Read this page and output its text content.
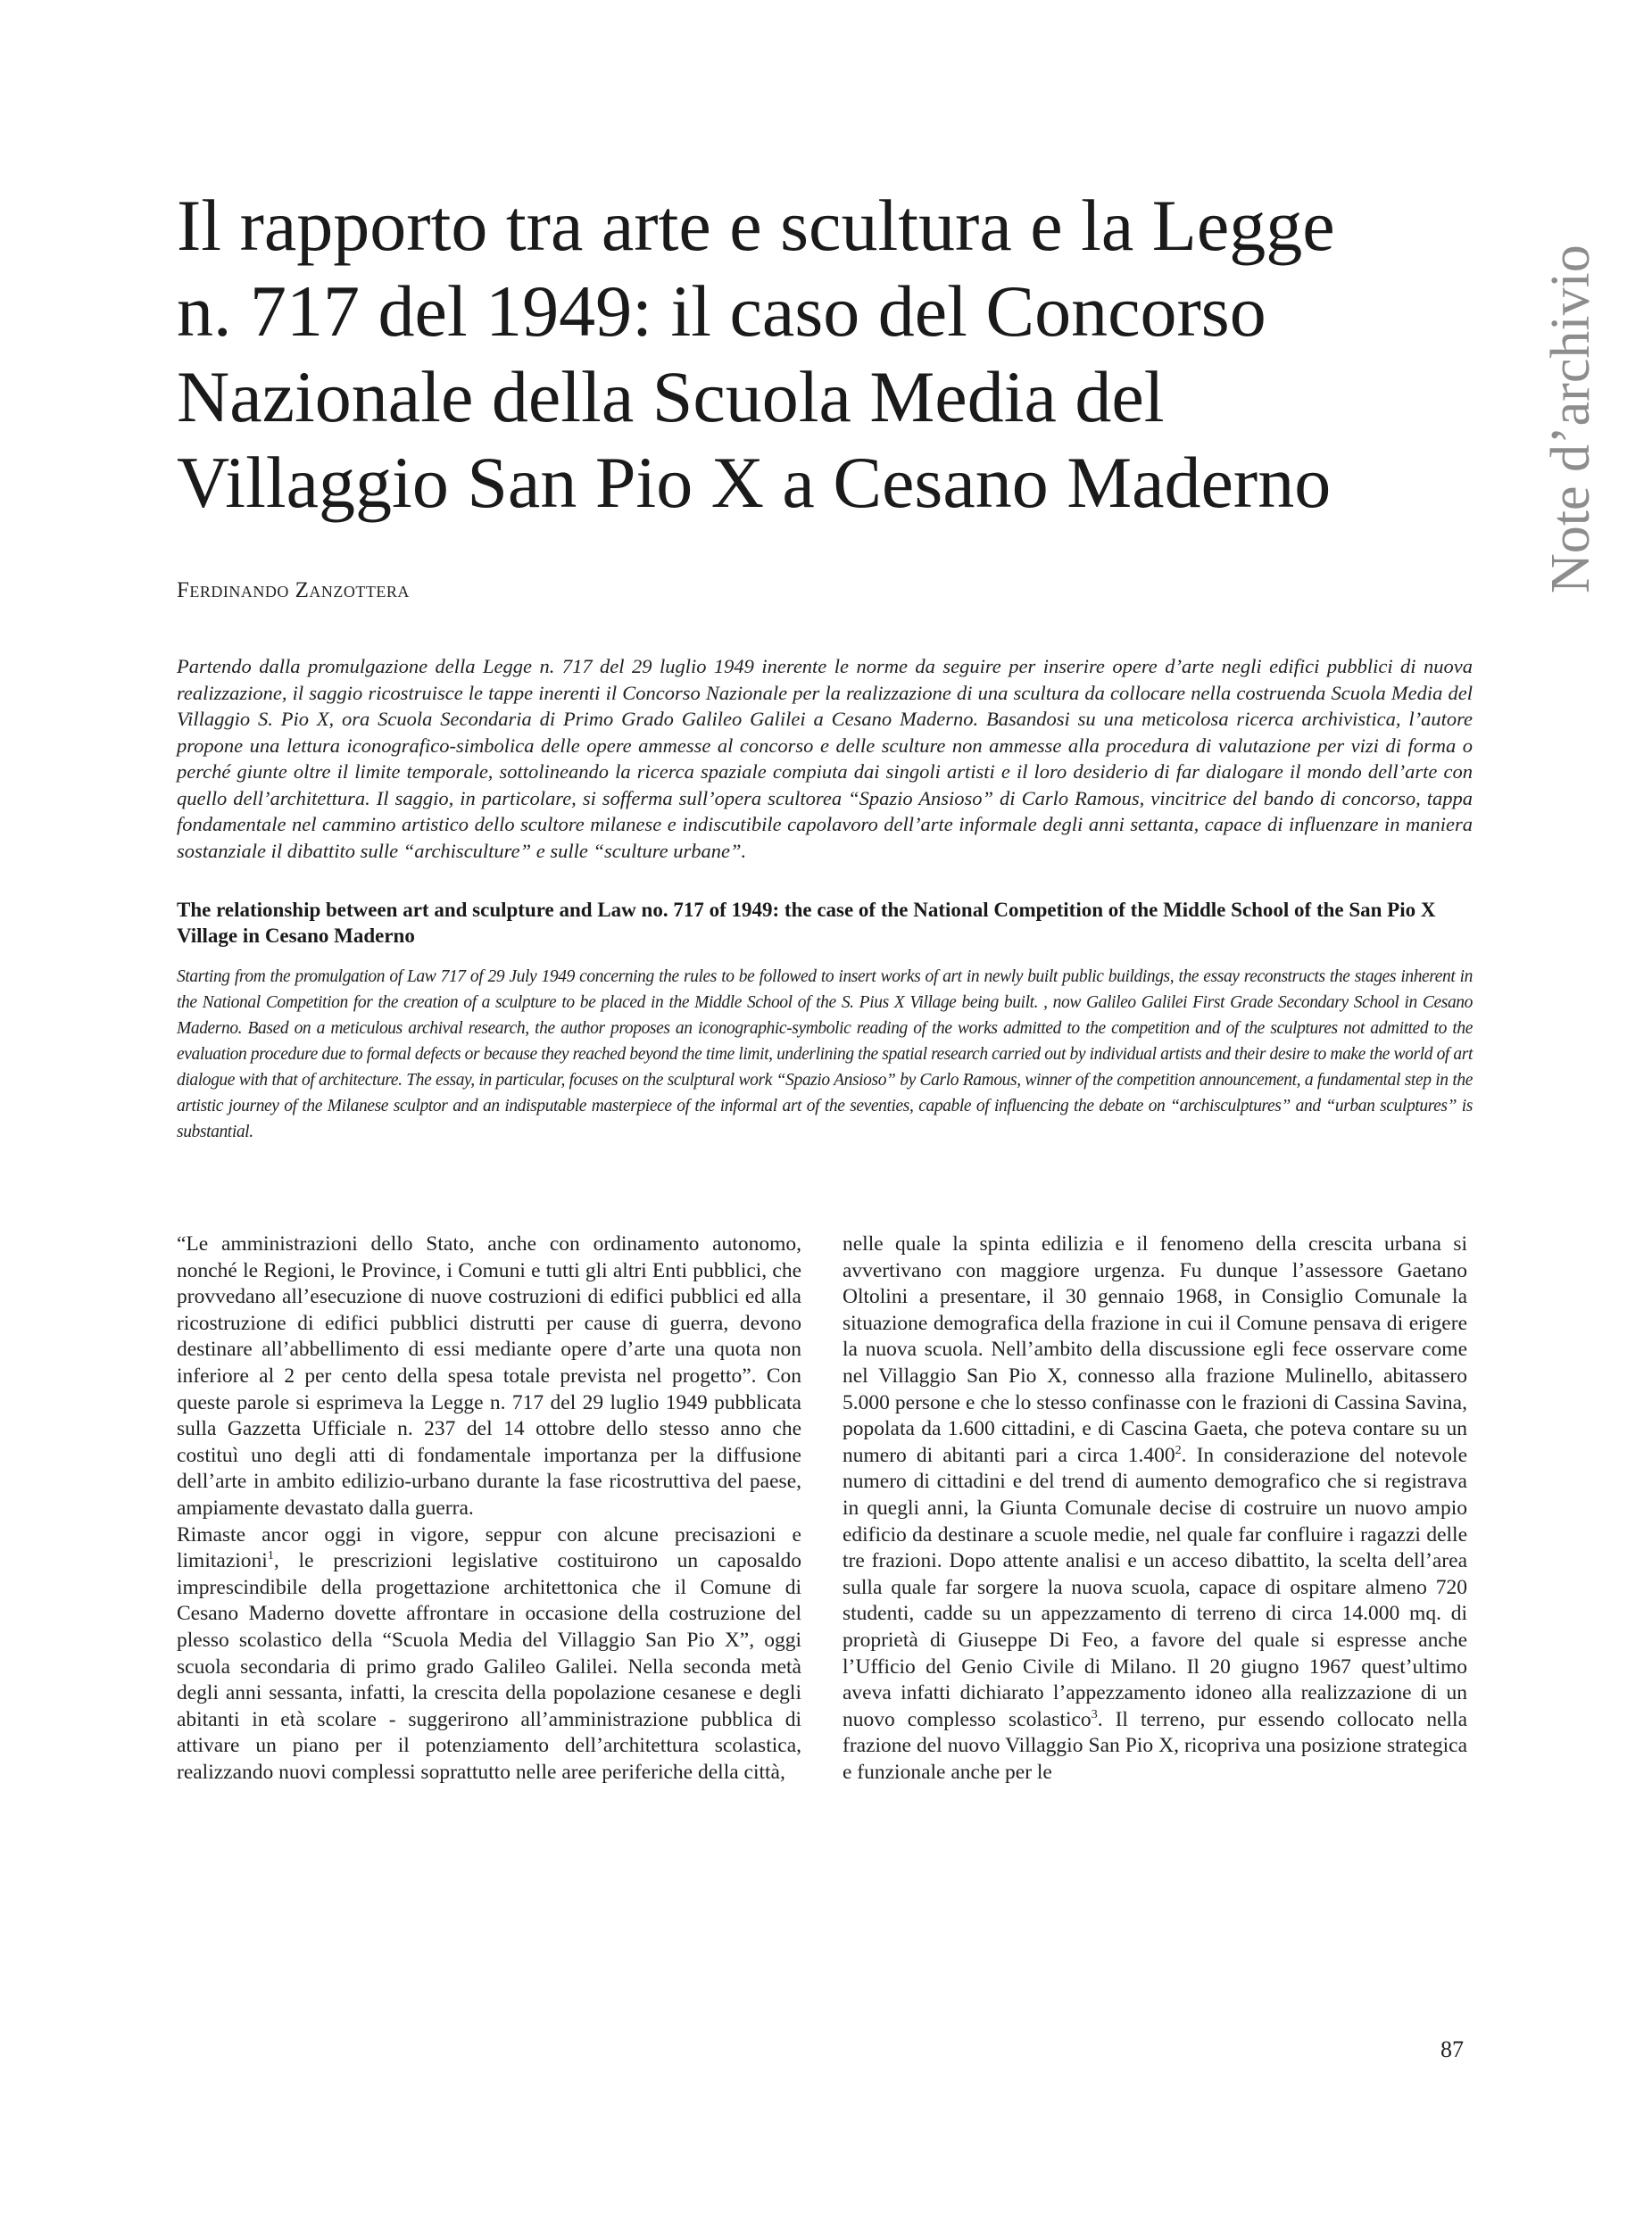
Il rapporto tra arte e scultura e la Legge
n. 717 del 1949: il caso del Concorso
Nazionale della Scuola Media del
Villaggio San Pio X a Cesano Maderno	Note d’archivio

Ferdinando Zanzottera

Partendo dalla promulgazione della Legge n. 717 del 29 luglio 1949 inerente le norme da seguire per inserire opere d’arte negli edifici pubblici di nuova realizzazione, il saggio ricostruisce le tappe inerenti il Concorso Nazionale per la realizzazione di una scultura da collocare nella costruenda Scuola Media del Villaggio S. Pio X, ora Scuola Secondaria di Primo Grado Galileo Galilei a Cesano Maderno. Basandosi su una meticolosa ricerca archivistica, l’autore propone una lettura iconografico-simbolica delle opere ammesse al concorso e delle sculture non ammesse alla procedura di valutazione per vizi di forma o perché giunte oltre il limite temporale, sottolineando la ricerca spaziale compiuta dai singoli artisti e il loro desiderio di far dialogare il mondo dell’arte con quello dell’architettura. Il saggio, in particolare, si sofferma sull’opera scultorea “Spazio Ansioso” di Carlo Ramous, vincitrice del bando di concorso, tappa fondamentale nel cammino artistico dello scultore milanese e indiscutibile capolavoro dell’arte informale degli anni settanta, capace di influenzare in maniera sostanziale il dibattito sulle “archisculture” e sulle “sculture urbane”.

The relationship between art and sculpture and Law no. 717 of 1949: the case of the National Competition of the Middle School of the San Pio X Village in Cesano Maderno

Starting from the promulgation of Law 717 of 29 July 1949 concerning the rules to be followed to insert works of art in newly built public buildings, the essay reconstructs the stages inherent in the National Competition for the creation of a sculpture to be placed in the Middle School of the S. Pius X Village being built. , now Galileo Galilei First Grade Secondary School in Cesano Maderno. Based on a meticulous archival research, the author proposes an iconographic-symbolic reading of the works admitted to the competition and of the sculptures not admitted to the evaluation procedure due to formal defects or because they reached beyond the time limit, underlining the spatial research carried out by individual artists and their desire to make the world of art dialogue with that of architecture. The essay, in particular, focuses on the sculptural work “Spazio Ansioso” by Carlo Ramous, winner of the competition announcement, a fundamental step in the artistic journey of the Milanese sculptor and an indisputable masterpiece of the informal art of the seventies, capable of influencing the debate on “archisculptures” and “urban sculptures” is substantial.

“Le amministrazioni dello Stato, anche con ordinamento autonomo, nonché le Regioni, le Province, i Comuni e tutti gli altri Enti pubblici, che provvedano all’esecuzione di nuove costruzioni di edifici pubblici ed alla ricostruzione di edifici pubblici distrutti per cause di guerra, devono destinare all’abbellimento di essi mediante opere d’arte una quota non inferiore al 2 per cento della spesa totale prevista nel progetto”. Con queste parole si esprimeva la Legge n. 717 del 29 luglio 1949 pubblicata sulla Gazzetta Ufficiale n. 237 del 14 ottobre dello stesso anno che costituì uno degli atti di fondamentale importanza per la diffusione dell’arte in ambito edilizio-urbano durante la fase ricostruttiva del paese, ampiamente devastato dalla guerra.

Rimaste ancor oggi in vigore, seppur con alcune precisazioni e limitazioni$^1$, le prescrizioni legislative costituirono un caposaldo imprescindibile della progettazione architettonica che il Comune di Cesano Maderno dovette affrontare in occasione della costruzione del plesso scolastico della “Scuola Media del Villaggio San Pio X”, oggi scuola secondaria di primo grado Galileo Galilei. Nella seconda metà degli anni sessanta, infatti, la crescita della popolazione cesanese e degli abitanti in età scolare - suggerirono all’amministrazione pubblica di attivare un piano per il potenziamento dell’architettura scolastica, realizzando nuovi complessi soprattutto nelle aree periferiche della città,

nelle quale la spinta edilizia e il fenomeno della crescita urbana si avvertivano con maggiore urgenza. Fu dunque l’assessore Gaetano Oltolini a presentare, il 30 gennaio 1968, in Consiglio Comunale la situazione demografica della frazione in cui il Comune pensava di erigere la nuova scuola. Nell’ambito della discussione egli fece osservare come nel Villaggio San Pio X, connesso alla frazione Mulinello, abitassero 5.000 persone e che lo stesso confinasse con le frazioni di Cassina Savina, popolata da 1.600 cittadini, e di Cascina Gaeta, che poteva contare su un numero di abitanti pari a circa 1.400$^2$. In considerazione del notevole numero di cittadini e del trend di aumento demografico che si registrava in quegli anni, la Giunta Comunale decise di costruire un nuovo ampio edificio da destinare a scuole medie, nel quale far confluire i ragazzi delle tre frazioni. Dopo attente analisi e un acceso dibattito, la scelta dell’area sulla quale far sorgere la nuova scuola, capace di ospitare almeno 720 studenti, cadde su un appezzamento di terreno di circa 14.000 mq. di proprietà di Giuseppe Di Feo, a favore del quale si espresse anche l’Ufficio del Genio Civile di Milano. Il 20 giugno 1967 quest’ultimo aveva infatti dichiarato l’appezzamento idoneo alla realizzazione di un nuovo complesso scolastico$^3$. Il terreno, pur essendo collocato nella frazione del nuovo Villaggio San Pio X, ricopriva una posizione strategica e funzionale anche per le

87
